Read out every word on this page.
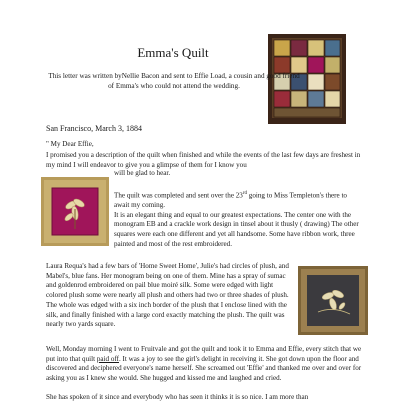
Emma's Quilt

This letter was written byNellie Bacon and sent to Effie Load, a cousin and good friend of Emma's who could not attend the wedding.

San Francisco, March 3, 1884

" My Dear Effie,

I promised you a description of the quilt when finished and while the events of the last few days are freshest in my mind I will endeavor to give you a glimpse of them for I know you

will be glad to hear.

The quilt was completed and sent over the 23rd going to Miss Templeton's there to await my coming.
It is an elegant thing and equal to our greatest expectations. The center one with the monogram EB and a crackle work design in tinsel about it thusly ( drawing) The other squares were each one different and yet all handsome. Some have ribbon work, three painted and most of the rest embroidered.

Laura Requa's had a few bars of 'Home Sweet Home', Julie's had circles of plush, and Mabel's, blue fans. Her monogram being on one of them. Mine has a spray of sumac and goldenrod embroidered on pail blue moiré silk. Some were edged with light colored plush some were nearly all plush and others had two or three shades of plush. The whole was edged with a six inch border of the plush that I enclose lined with the silk, and finally finished with a large cord exactly matching the plush. The quilt was nearly two yards square.

Well, Monday morning I went to Fruitvale and got the quilt and took it to Emma and Effie, every stitch that we put into that quilt paid off. It was a joy to see the girl's delight in receiving it. She got down upon the floor and discovered and deciphered everyone's name herself. She screamed out 'Effie' and thanked me over and over for asking you as I knew she would. She hugged and kissed me and laughed and cried.

She has spoken of it since and everybody who has seen it thinks it is so nice. I am more than
